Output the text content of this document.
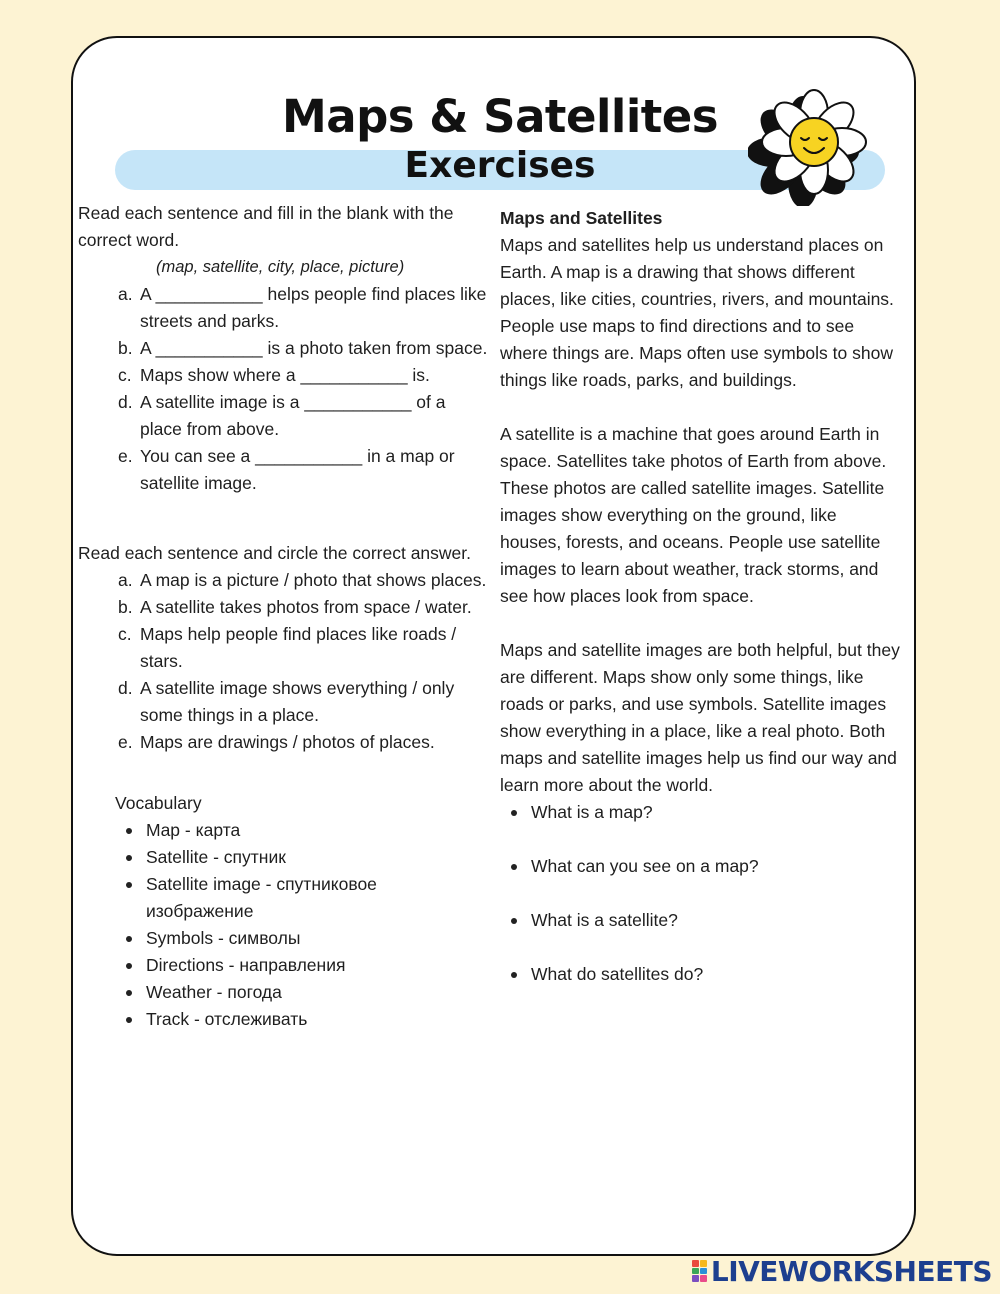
Maps & Satellites
Exercises

Read each sentence and fill in the blank with the correct word.

(map, satellite, city, place, picture)

a. A ___________ helps people find places like streets and parks.
b. A ___________ is a photo taken from space.
c. Maps show where a ___________ is.
d. A satellite image is a ___________ of a place from above.
e. You can see a ___________ in a map or satellite image.

Read each sentence and circle the correct answer.

a. A map is a picture / photo that shows places.
b. A satellite takes photos from space / water.
c. Maps help people find places like roads / stars.
d. A satellite image shows everything / only some things in a place.
e. Maps are drawings / photos of places.

Vocabulary

Map - карта
Satellite - спутник
Satellite image - спутниковое изображение
Symbols - символы
Directions - направления
Weather - погода
Track - отслеживать

Maps and Satellites

Maps and satellites help us understand places on Earth. A map is a drawing that shows different places, like cities, countries, rivers, and mountains. People use maps to find directions and to see where things are. Maps often use symbols to show things like roads, parks, and buildings.

A satellite is a machine that goes around Earth in space. Satellites take photos of Earth from above. These photos are called satellite images. Satellite images show everything on the ground, like houses, forests, and oceans. People use satellite images to learn about weather, track storms, and see how places look from space.

Maps and satellite images are both helpful, but they are different. Maps show only some things, like roads or parks, and use symbols. Satellite images show everything in a place, like a real photo. Both maps and satellite images help us find our way and learn more about the world.

What is a map?
What can you see on a map?
What is a satellite?
What do satellites do?
LIVEWORKSHEETS
